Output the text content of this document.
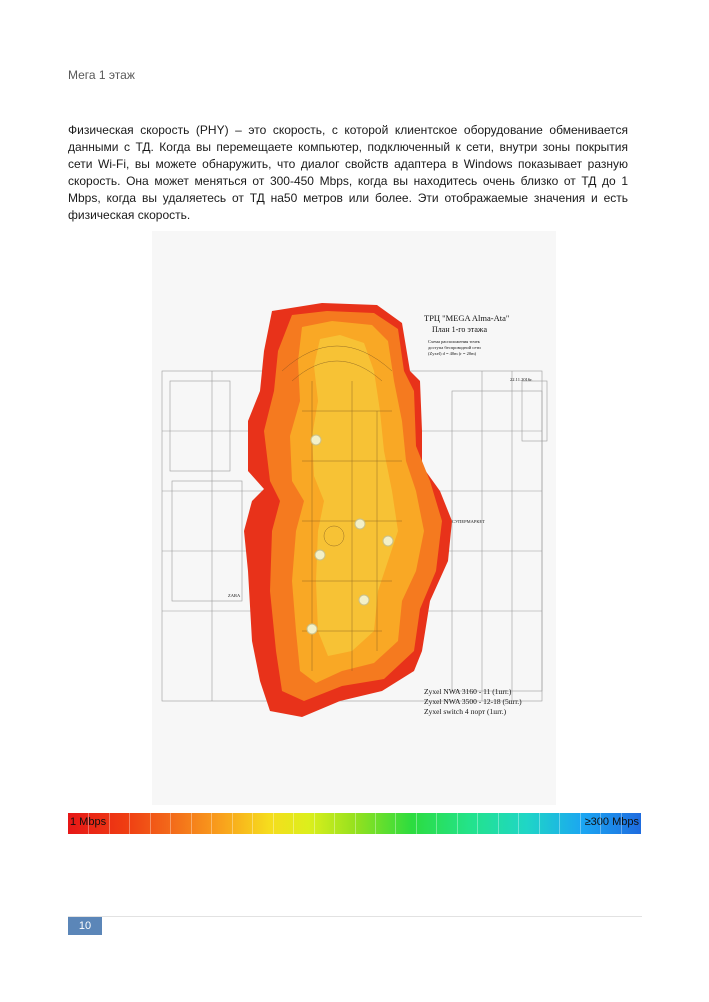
Мега 1 этаж
Физическая скорость (PHY) – это скорость, с которой клиентское оборудование обменивается данными с ТД. Когда вы перемещаете компьютер, подключенный к сети, внутри зоны покрытия сети Wi-Fi, вы можете обнаружить, что диалог свойств адаптера в Windows показывает разную скорость. Она может меняться от 300-450 Mbps, когда вы находитесь очень близко от ТД до 1 Mbps, когда вы удаляетесь от ТД на50 метров или более. Эти отображаемые значения и есть физическая скорость.
ТРЦ "MEGA Alma-Ata"
План 1-го этажа
Схема расположения точек
доступа беспроводной сети
(Zyxel) d = 40m (r = 20m)
22.11.2016г.
СУПЕРМАРКЕТ
ZARA
Zyxel NWA 3160 - 11 (1шт.)
Zyxel NWA 3500 - 12-18 (5шт.)
Zyxel switch 4 порт (1шт.)
1 Mbps	≥300 Mbps
10
